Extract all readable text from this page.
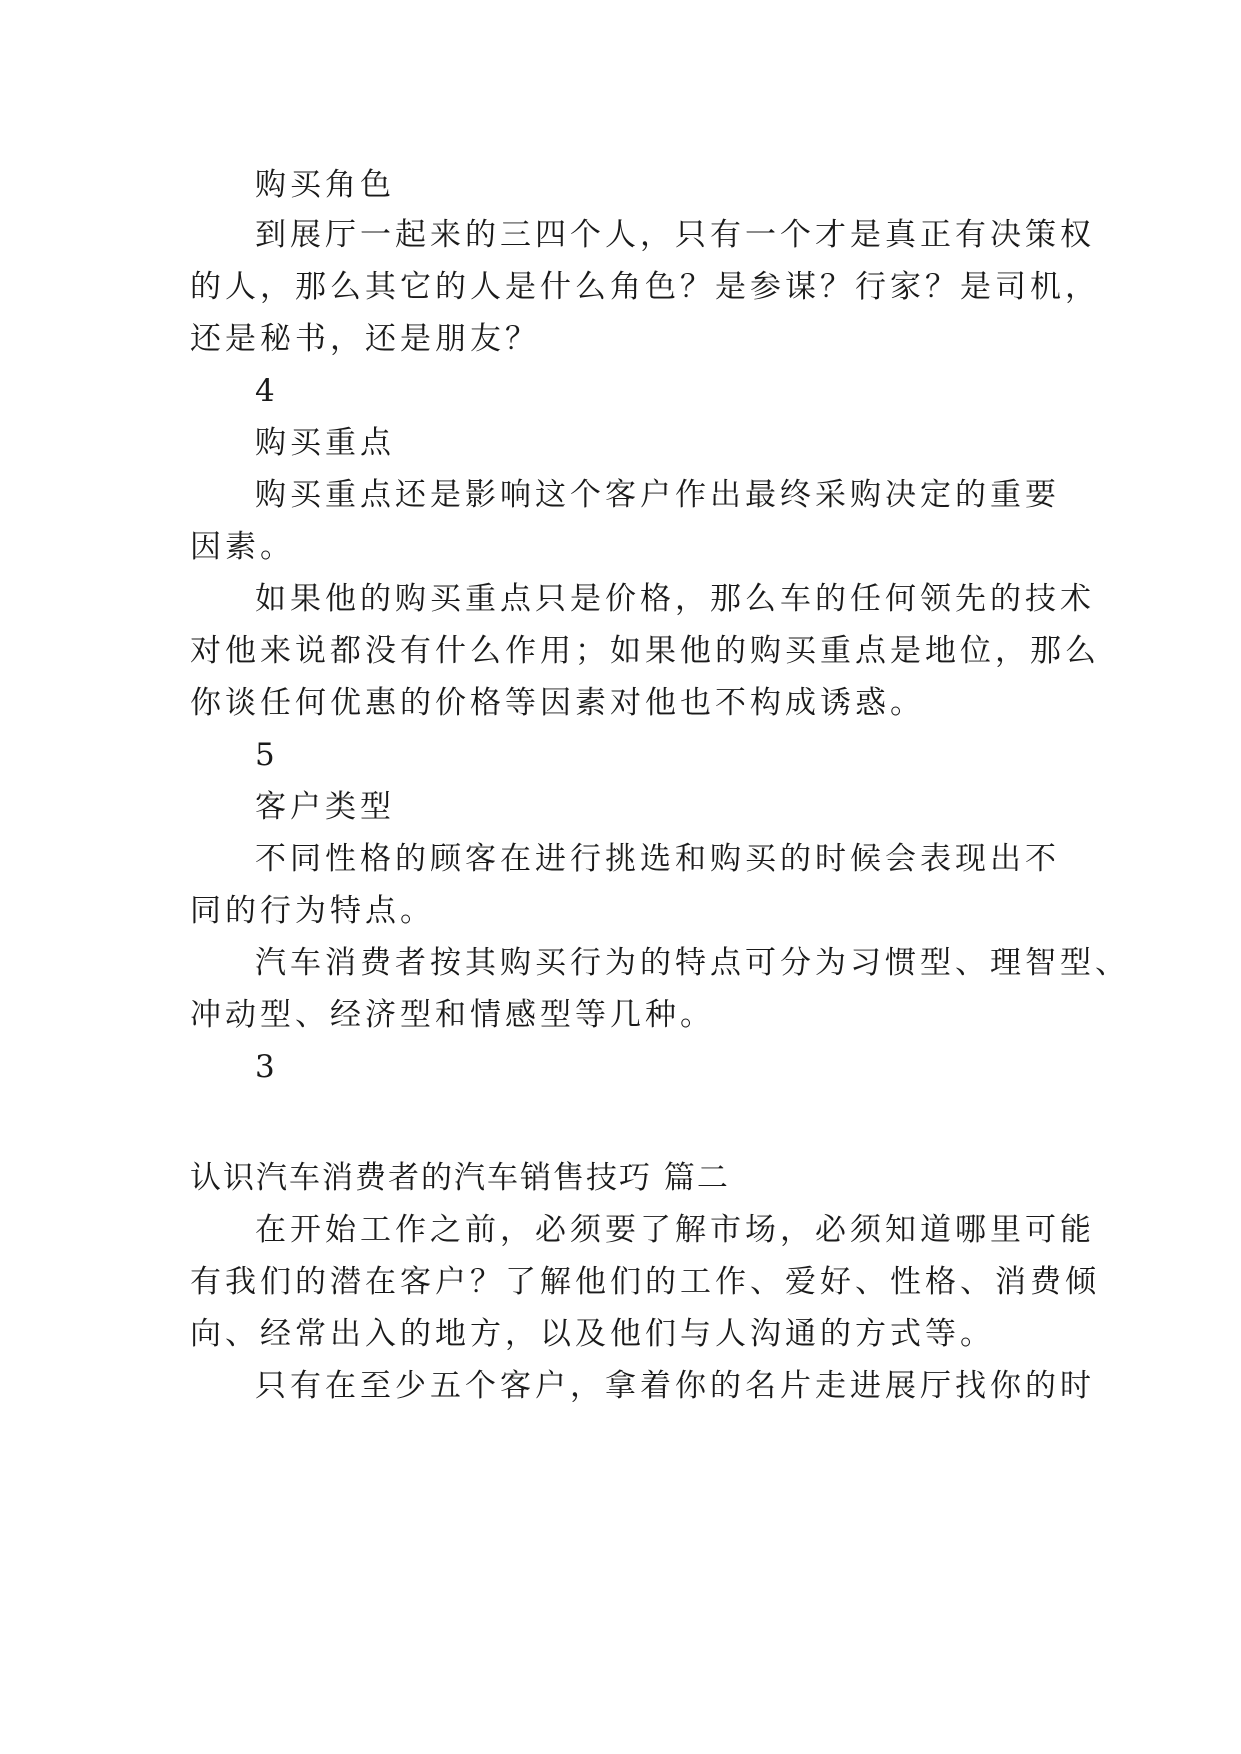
购买角色
到展厅一起来的三四个人，只有一个才是真正有决策权
的人，那么其它的人是什么角色？是参谋？行家？是司机，
还是秘书，还是朋友？
4
购买重点
购买重点还是影响这个客户作出最终采购决定的重要
因素。
如果他的购买重点只是价格，那么车的任何领先的技术
对他来说都没有什么作用；如果他的购买重点是地位，那么
你谈任何优惠的价格等因素对他也不构成诱惑。
5
客户类型
不同性格的顾客在进行挑选和购买的时候会表现出不
同的行为特点。
汽车消费者按其购买行为的特点可分为习惯型、理智型、
冲动型、经济型和情感型等几种。
3
认识汽车消费者的汽车销售技巧 篇二
在开始工作之前，必须要了解市场，必须知道哪里可能
有我们的潜在客户？了解他们的工作、爱好、性格、消费倾
向、经常出入的地方，以及他们与人沟通的方式等。
只有在至少五个客户，拿着你的名片走进展厅找你的时
